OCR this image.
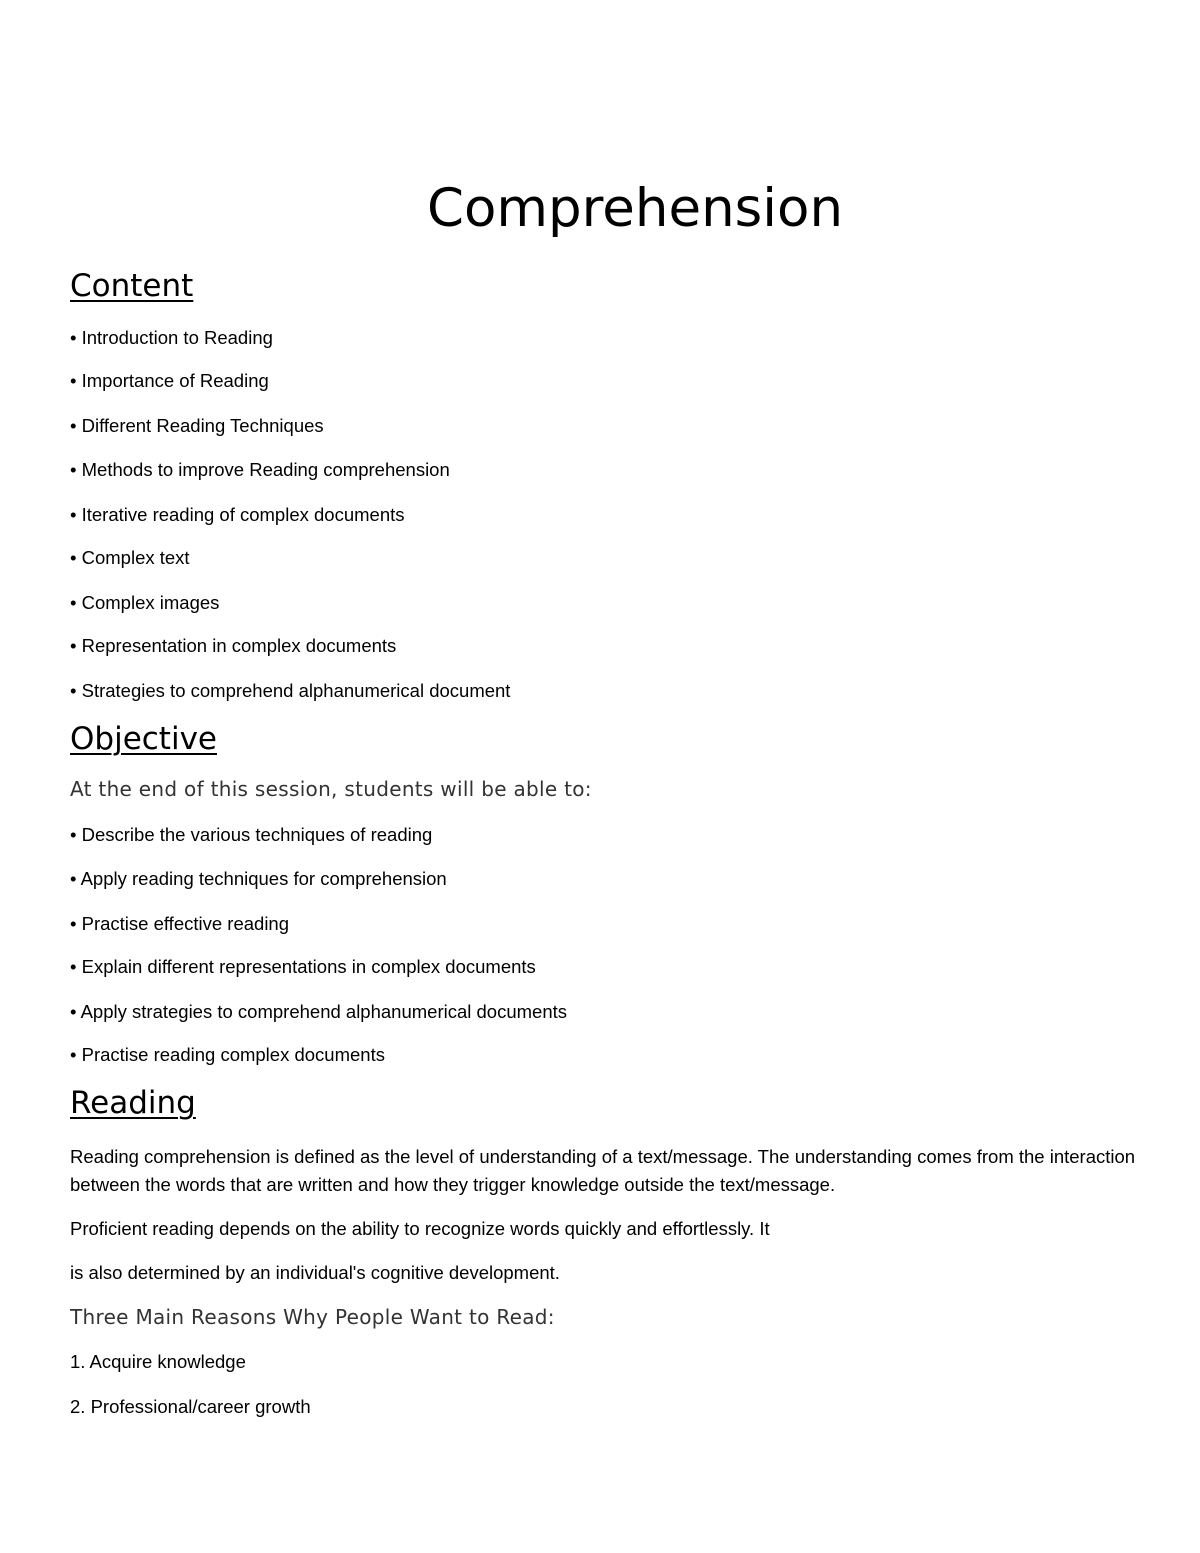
Comprehension
Content
• Introduction to Reading
• Importance of Reading
• Different Reading Techniques
• Methods to improve Reading comprehension
• Iterative reading of complex documents
• Complex text
• Complex images
• Representation in complex documents
• Strategies to comprehend alphanumerical document
Objective

At the end of this session, students will be able to:

• Describe the various techniques of reading
• Apply reading techniques for comprehension
• Practise effective reading
• Explain different representations in complex documents
• Apply strategies to comprehend alphanumerical documents
• Practise reading complex documents
Reading

Reading comprehension is defined as the level of understanding of a text/message. The understanding comes from the interaction between the words that are written and how they trigger knowledge outside the text/message.

Proficient reading depends on the ability to recognize words quickly and effortlessly. It

is also determined by an individual's cognitive development.

Three Main Reasons Why People Want to Read:

1. Acquire knowledge
2. Professional/career growth
